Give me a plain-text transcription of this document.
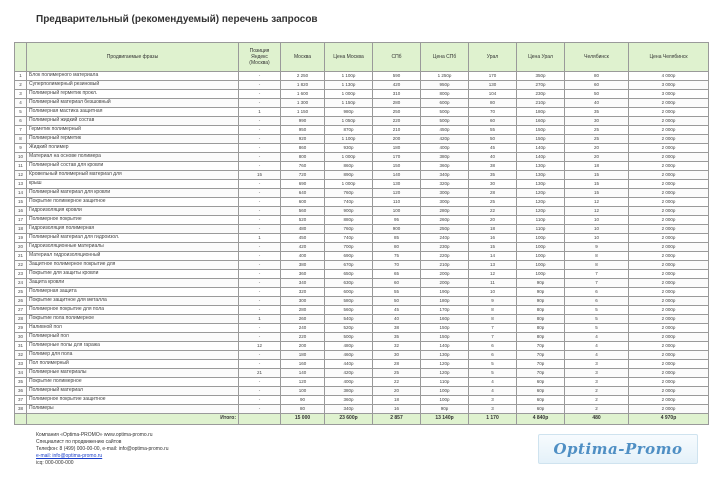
Предварительный (рекомендуемый) перечень запросов
	Продвигаемые фразы	Позиция Яндекс (Москва)	Москва	Цена Москва	СПб	Цена СПб	Урал	Цена Урал	Челябинск	Цена Челябинск
1	Блок полимерного материала	-	2 250	1 100р	590	1 250р	170	350р	80	4 000р
2	Суперполимерный резиновый	-	1 820	1 130р	420	950р	130	270р	60	3 000р
3	Полимерный герметик прокл.	-	1 600	1 000р	310	800р	104	230р	50	3 000р
4	Полимерный материал безшовный	-	1 300	1 150р	280	600р	80	210р	40	2 000р
5	Полимерная мастика защитная	1	1 150	980р	250	500р	70	180р	35	2 000р
6	Полимерный жидкий состав	-	990	1 050р	220	500р	60	160р	30	2 000р
7	Герметик полимерный	-	950	870р	210	450р	55	150р	25	2 000р
8	Полимерный герметик	-	920	1 100р	200	420р	50	150р	25	2 000р
9	Жидкий полимер	-	860	930р	180	400р	45	140р	20	2 000р
10	Материал на основе полимера	-	800	1 000р	170	380р	40	140р	20	2 000р
11	Полимерный состав для кровли	-	760	860р	150	360р	38	130р	18	2 000р
12	Кровельный полимерный материал для	15	720	890р	140	340р	35	130р	15	2 000р
13	крыш	-	690	1 000р	130	320р	30	130р	15	2 000р
14	Полимерный материал для кровли	-	640	760р	120	300р	28	120р	15	2 000р
15	Покрытие полимерное защитное	-	600	740р	110	300р	25	120р	12	2 000р
16	Гидроизоляция кровли	-	560	900р	100	280р	22	120р	12	2 000р
17	Полимерное покрытие	-	520	880р	95	260р	20	110р	10	2 000р
18	Гидроизоляция полимерная	-	480	760р	900	250р	18	110р	10	2 000р
19	Полимерный материал для гидроизол.	1	450	740р	85	240р	16	100р	10	2 000р
20	Гидроизоляционные материалы	-	420	700р	80	230р	15	100р	9	2 000р
21	Материал гидроизоляционный	-	400	690р	75	220р	14	100р	8	2 000р
22	Защитное полимерное покрытие для	-	380	670р	70	210р	13	100р	8	2 000р
23	Покрытие для защиты кровли	-	360	650р	65	200р	12	100р	7	2 000р
24	Защита кровли	-	340	630р	60	200р	11	90р	7	2 000р
25	Полимерная защита	-	320	600р	55	190р	10	90р	6	2 000р
26	Покрытие защитное для металла	-	300	580р	50	180р	9	90р	6	2 000р
27	Полимерное покрытие для пола	-	280	560р	45	170р	8	80р	5	2 000р
28	Покрытие пола полимерное	1	260	540р	40	160р	8	80р	5	2 000р
29	Наливной пол	-	240	520р	38	150р	7	80р	5	2 000р
30	Полимерный пол	-	220	500р	35	150р	7	80р	4	2 000р
31	Полимерные полы для гаража	12	200	480р	32	140р	6	70р	4	2 000р
32	Полимер для пола	-	180	460р	30	130р	6	70р	4	2 000р
33	Пол полимерный	-	160	440р	28	120р	5	70р	3	2 000р
34	Полимерные материалы	21	140	420р	25	120р	5	70р	3	2 000р
35	Покрытие полимерное	-	120	400р	22	110р	4	60р	3	2 000р
36	Полимерный материал	-	100	380р	20	100р	4	60р	2	2 000р
37	Полимерное покрытие защитное	-	90	360р	18	100р	3	60р	2	2 000р
38	Полимеры	-	80	340р	16	90р	3	60р	2	2 000р
	Итого:		15 000	23 600р	2 857	13 140р	1 170	4 840р	480	4 970р
Компания «Optima-PROMO» www.optima-promo.ru
Специалист по продвижению сайтов
Телефон: 8 (499) 000-00-00, e-mail: info@optima-promo.ru
e-mail: info@optima-promo.ru
icq: 000-000-000
Optima-Promo
